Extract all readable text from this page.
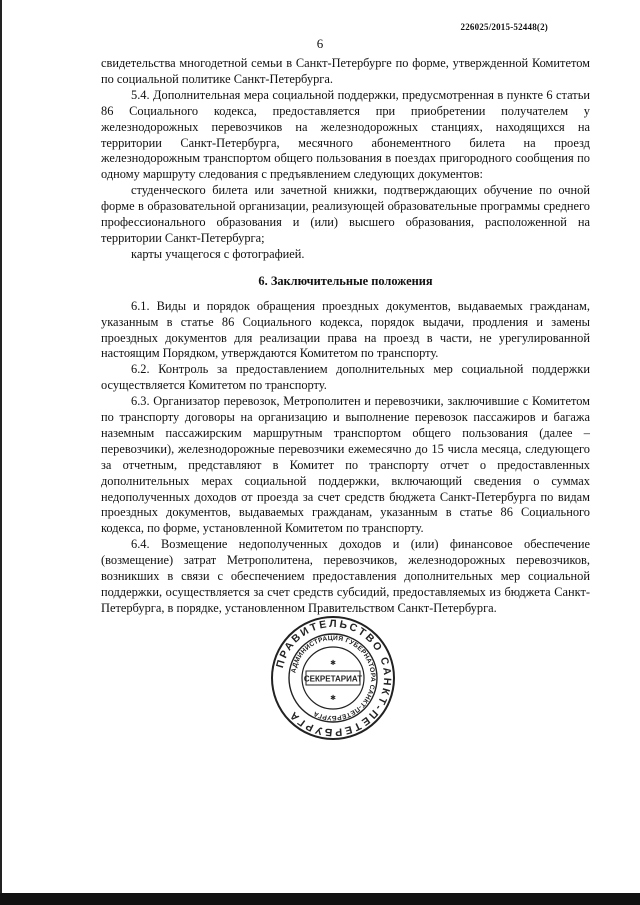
226025/2015-52448(2)
6

свидетельства многодетной семьи в Санкт-Петербурге по форме, утвержденной Комитетом по социальной политике Санкт-Петербурга.

5.4. Дополнительная мера социальной поддержки, предусмотренная в пункте 6 статьи 86 Социального кодекса, предоставляется при приобретении получателем у железнодорожных перевозчиков на железнодорожных станциях, находящихся на территории Санкт-Петербурга, месячного абонементного билета на проезд железнодорожным транспортом общего пользования в поездах пригородного сообщения по одному маршруту следования с предъявлением следующих документов:

студенческого билета или зачетной книжки, подтверждающих обучение по очной форме в образовательной организации, реализующей образовательные программы среднего профессионального образования и (или) высшего образования, расположенной на территории Санкт-Петербурга;

карты учащегося с фотографией.

6. Заключительные положения

6.1. Виды и порядок обращения проездных документов, выдаваемых гражданам, указанным в статье 86 Социального кодекса, порядок выдачи, продления и замены проездных документов для реализации права на проезд в части, не урегулированной настоящим Порядком, утверждаются Комитетом по транспорту.

6.2. Контроль за предоставлением дополнительных мер социальной поддержки осуществляется Комитетом по транспорту.

6.3. Организатор перевозок, Метрополитен и перевозчики, заключившие с Комитетом по транспорту договоры на организацию и выполнение перевозок пассажиров и багажа наземным пассажирским маршрутным транспортом общего пользования (далее – перевозчики), железнодорожные перевозчики ежемесячно до 15 числа месяца, следующего за отчетным, представляют в Комитет по транспорту отчет о предоставленных дополнительных мерах социальной поддержки, включающий сведения о суммах недополученных доходов от проезда за счет средств бюджета Санкт-Петербурга по видам проездных документов, выдаваемых гражданам, указанным в статье 86 Социального кодекса, по форме, установленной Комитетом по транспорту.

6.4. Возмещение недополученных доходов и (или) финансовое обеспечение (возмещение) затрат Метрополитена, перевозчиков, железнодорожных перевозчиков, возникших в связи с обеспечением предоставления дополнительных мер социальной поддержки, осуществляется за счет средств субсидий, предоставляемых из бюджета Санкт-Петербурга, в порядке, установленном Правительством Санкт-Петербурга.

ПРАВИТЕЛЬСТВО САНКТ-ПЕТЕРБУРГА
АДМИНИСТРАЦИЯ ГУБЕРНАТОРА САНКТ-ПЕТЕРБУРГА
СЕКРЕТАРИАТ
✱
✱
